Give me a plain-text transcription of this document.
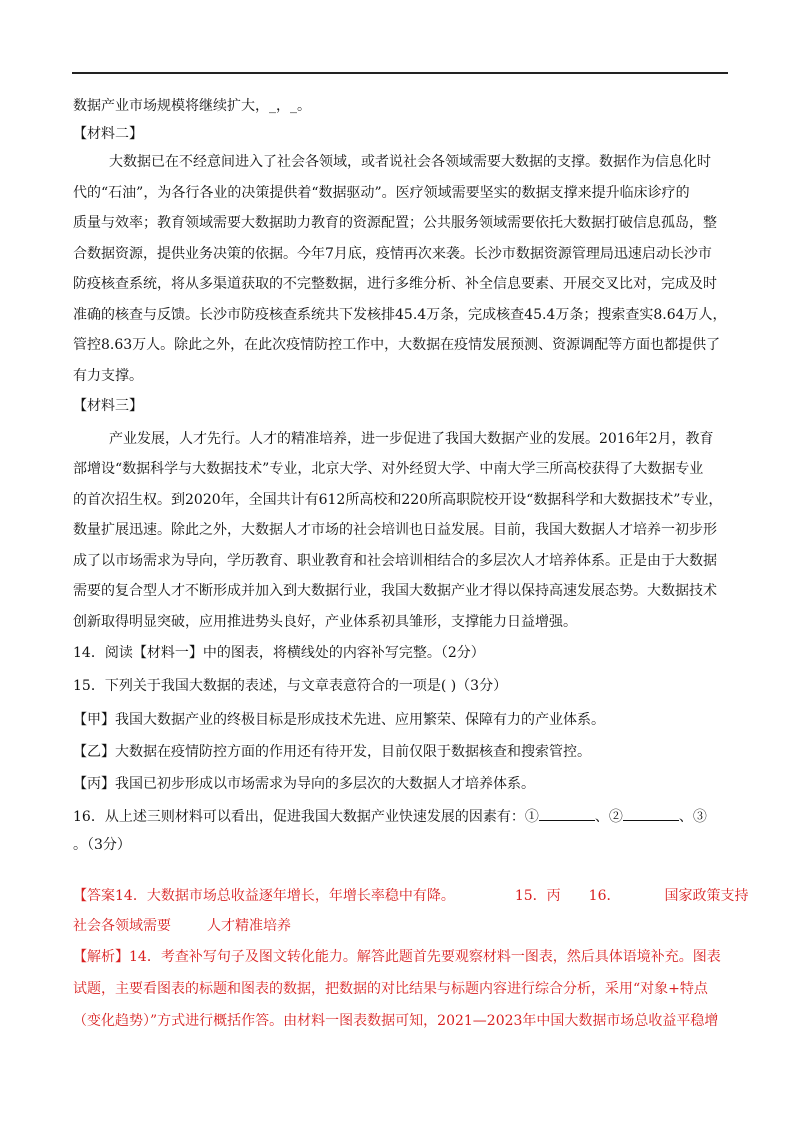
数据产业市场规模将继续扩大，_，_。
【材料二】
大数据已在不经意间进入了社会各领域，或者说社会各领域需要大数据的支撑。数据作为信息化时
代的“石油”，为各行各业的决策提供着“数据驱动”。医疗领域需要坚实的数据支撑来提升临床诊疗的
质量与效率；教育领域需要大数据助力教育的资源配置；公共服务领域需要依托大数据打破信息孤岛，整
合数据资源，提供业务决策的依据。今年7月底，疫情再次来袭。长沙市数据资源管理局迅速启动长沙市
防疫核查系统，将从多渠道获取的不完整数据，进行多维分析、补全信息要素、开展交叉比对，完成及时
准确的核查与反馈。长沙市防疫核查系统共下发核排45.4万条，完成核查45.4万条；搜索查实8.64万人，
管控8.63万人。除此之外，在此次疫情防控工作中，大数据在疫情发展预测、资源调配等方面也都提供了
有力支撑。
【材料三】
产业发展，人才先行。人才的精准培养，进一步促进了我国大数据产业的发展。2016年2月，教育
部增设“数据科学与大数据技术”专业，北京大学、对外经贸大学、中南大学三所高校获得了大数据专业
的首次招生权。到2020年，全国共计有612所高校和220所高职院校开设“数据科学和大数据技术”专业，
数量扩展迅速。除此之外，大数据人才市场的社会培训也日益发展。目前，我国大数据人才培养一初步形
成了以市场需求为导向，学历教育、职业教育和社会培训相结合的多层次人才培养体系。正是由于大数据
需要的复合型人才不断形成并加入到大数据行业，我国大数据产业才得以保持高速发展态势。大数据技术
创新取得明显突破，应用推进势头良好，产业体系初具雏形，支撑能力日益增强。
14．阅读【材料一】中的图表，将横线处的内容补写完整。（2分）
15．下列关于我国大数据的表述，与文章表意符合的一项是( )（3分）
【甲】我国大数据产业的终极目标是形成技术先进、应用繁荣、保障有力的产业体系。
【乙】大数据在疫情防控方面的作用还有待开发，目前仅限于数据核查和搜索管控。
【丙】我国已初步形成以市场需求为导向的多层次的大数据人才培养体系。
16．从上述三则材料可以看出，促进我国大数据产业快速发展的因素有：①	、②	、③
。（3分）
【答案14．大数据市场总收益逐年增长，年增长率稳中有降。	15．丙 16．	国家政策支持
社会各领域需要	人才精准培养
【解析】14．考查补写句子及图文转化能力。解答此题首先要观察材料一图表，然后具体语境补充。图表
试题，主要看图表的标题和图表的数据，把数据的对比结果与标题内容进行综合分析，采用“对象+特点
（变化趋势）”方式进行概括作答。由材料一图表数据可知，2021—2023年中国大数据市场总收益平稳增
